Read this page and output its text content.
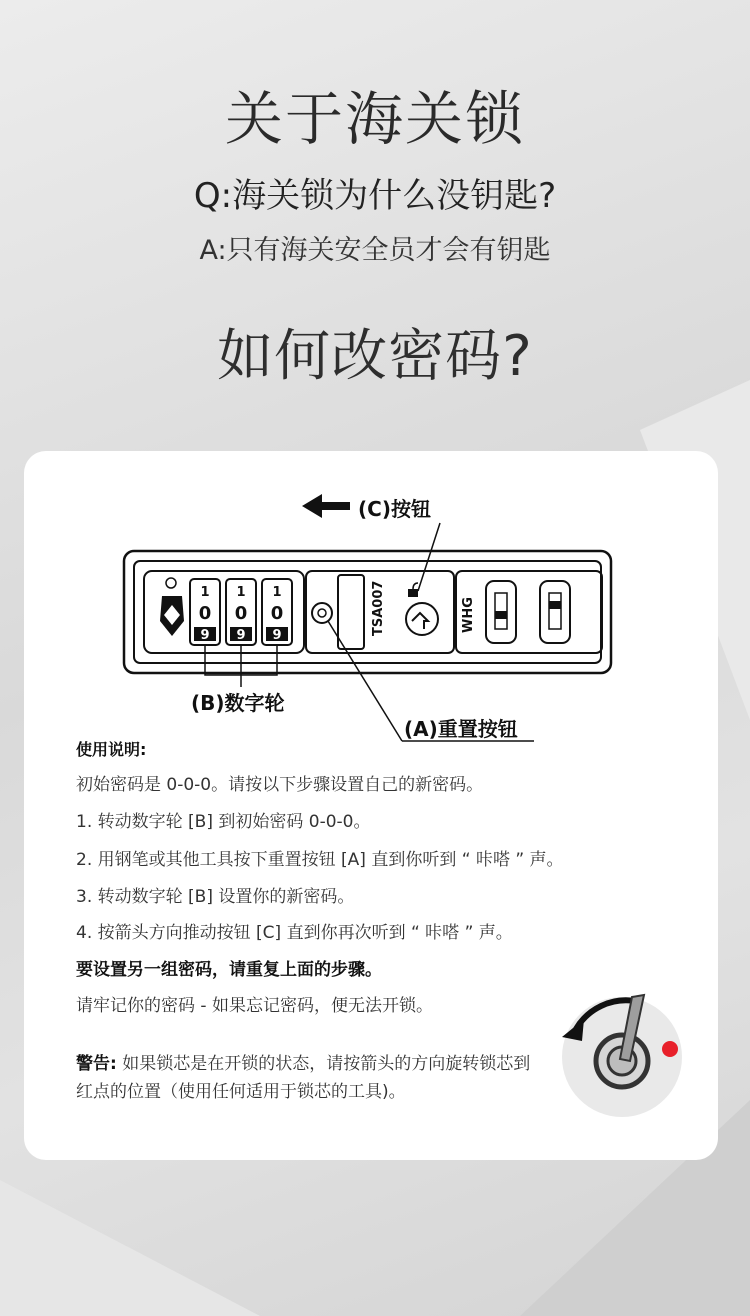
关于海关锁
Q:海关锁为什么没钥匙?
A:只有海关安全员才会有钥匙
如何改密码?
1
0
9
1
0
9
1
0
9	TSA007	WHG
(C)按钮
(B)数字轮
(A)重置按钮
使用说明:
初始密码是 0-0-0。请按以下步骤设置自己的新密码。
1. 转动数字轮 [B] 到初始密码 0-0-0。
2. 用钢笔或其他工具按下重置按钮 [A] 直到你听到 “ 咔嗒 ” 声。
3. 转动数字轮 [B] 设置你的新密码。
4. 按箭头方向推动按钮 [C] 直到你再次听到 “ 咔嗒 ” 声。
要设置另一组密码，请重复上面的步骤。
请牢记你的密码 - 如果忘记密码，便无法开锁。
警告: 如果锁芯是在开锁的状态，请按箭头的方向旋转锁芯到红点的位置（使用任何适用于锁芯的工具)。
